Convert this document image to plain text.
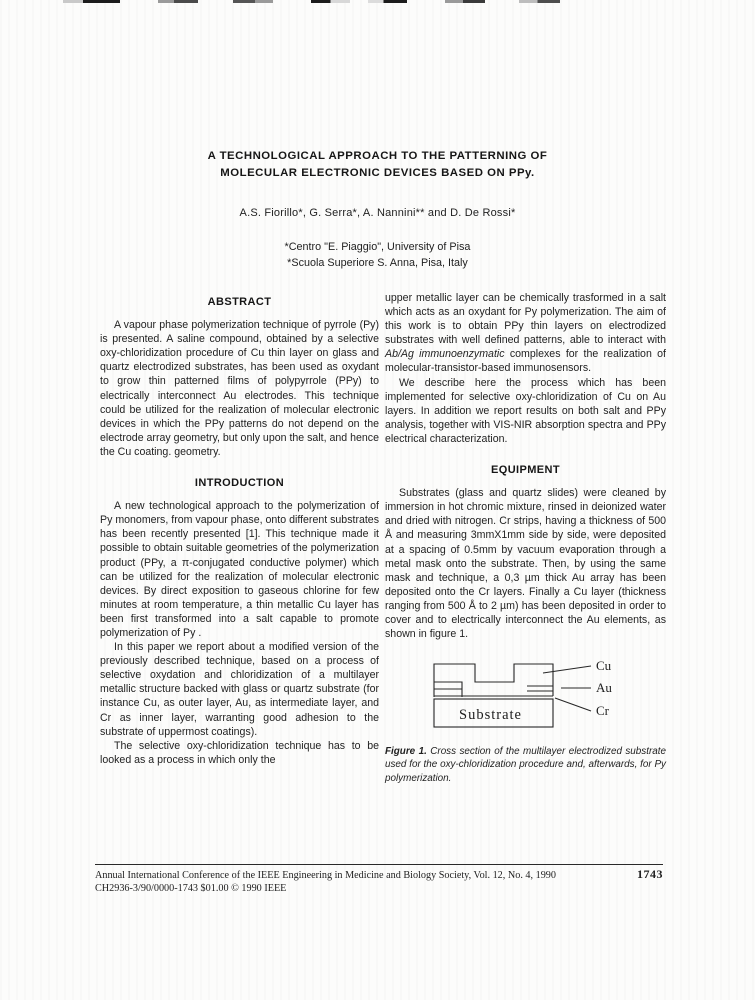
A TECHNOLOGICAL APPROACH TO THE PATTERNING OF
MOLECULAR ELECTRONIC DEVICES BASED ON PPy.
A.S. Fiorillo*, G. Serra*, A. Nannini** and D. De Rossi*
*Centro "E. Piaggio", University of Pisa
*Scuola Superiore S. Anna, Pisa, Italy
ABSTRACT

A vapour phase polymerization technique of pyrrole (Py) is presented. A saline compound, obtained by a selective oxy-chloridization procedure of Cu thin layer on glass and quartz electrodized substrates, has been used as oxydant to grow thin patterned films of polypyrrole (PPy) to electrically interconnect Au electrodes. This technique could be utilized for the realization of molecular electronic devices in which the PPy patterns do not depend on the electrode array geometry, but only upon the salt, and hence the Cu coating. geometry.

INTRODUCTION

A new technological approach to the polymerization of Py monomers, from vapour phase, onto different substrates has been recently presented [1]. This technique made it possible to obtain suitable geometries of the polymerization product (PPy, a π-conjugated conductive polymer) which can be utilized for the realization of molecular electronic devices. By direct exposition to gaseous chlorine for few minutes at room temperature, a thin metallic Cu layer has been first transformed into a salt capable to promote polymerization of Py .

In this paper we report about a modified version of the previously described technique, based on a process of selective oxydation and chloridization of a multilayer metallic structure backed with glass or quartz substrate (for instance Cu, as outer layer, Au, as intermediate layer, and Cr as inner layer, warranting good adhesion to the substrate of uppermost coatings).

The selective oxy-chloridization technique has to be looked as a process in which only the

upper metallic layer can be chemically trasformed in a salt which acts as an oxydant for Py polymerization. The aim of this work is to obtain PPy thin layers on electrodized substrates with well defined patterns, able to interact with Ab/Ag immunoenzymatic complexes for the realization of molecular-transistor-based immunosensors.

We describe here the process which has been implemented for selective oxy-chloridization of Cu on Au layers. In addition we report results on both salt and PPy analysis, together with VIS-NIR absorption spectra and PPy electrical characterization.

EQUIPMENT

Substrates (glass and quartz slides) were cleaned by immersion in hot chromic mixture, rinsed in deionized water and dried with nitrogen. Cr strips, having a thickness of 500 Å and measuring 3mmX1mm side by side, were deposited at a spacing of 0.5mm by vacuum evaporation through a metal mask onto the substrate. Then, by using the same mask and technique, a 0,3 µm thick Au array has been deposited onto the Cr layers. Finally a Cu layer (thickness ranging from 500 Å to 2 µm) has been deposited in order to cover and to electrically interconnect the Au elements, as shown in figure 1.

Substrate
Cu
Au
Cr
Figure 1. Cross section of the multilayer electrodized substrate used for the oxy-chloridization procedure and, afterwards, for Py polymerization.
Annual International Conference of the IEEE Engineering in Medicine and Biology Society, Vol. 12, No. 4, 1990	1743
CH2936-3/90/0000-1743 $01.00 © 1990 IEEE
